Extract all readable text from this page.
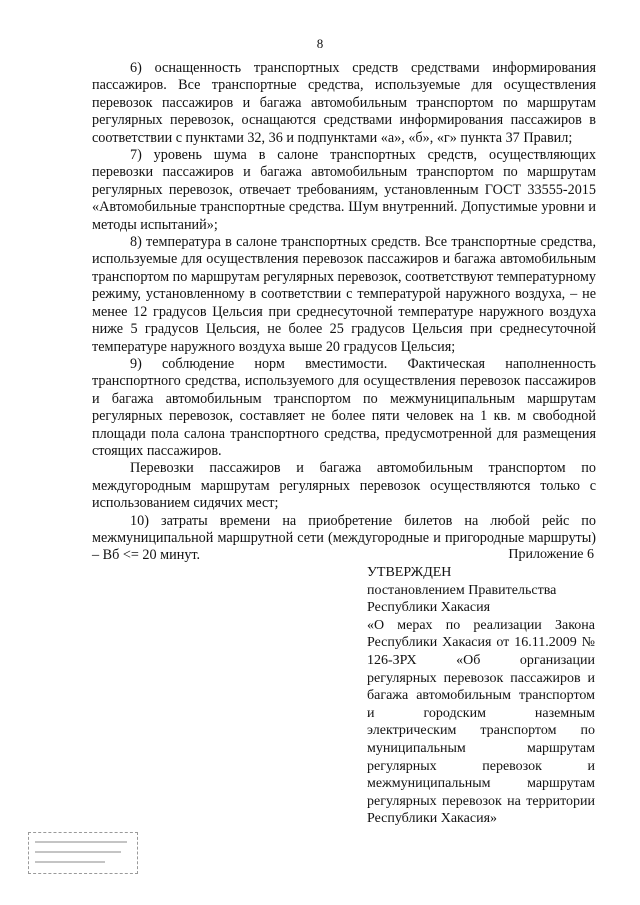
8

6) оснащенность транспортных средств средствами информирования пассажиров. Все транспортные средства, используемые для осуществления перевозок пассажиров и багажа автомобильным транспортом по маршрутам регулярных перевозок, оснащаются средствами информирования пассажиров в соответствии с пунктами 32, 36 и подпунктами «а», «б», «г» пункта 37 Правил;

7) уровень шума в салоне транспортных средств, осуществляющих перевозки пассажиров и багажа автомобильным транспортом по маршрутам регулярных перевозок, отвечает требованиям, установленным ГОСТ 33555-2015 «Автомобильные транспортные средства. Шум внутренний. Допустимые уровни и методы испытаний»;

8) температура в салоне транспортных средств. Все транспортные средства, используемые для осуществления перевозок пассажиров и багажа автомобильным транспортом по маршрутам регулярных перевозок, соответствуют температурному режиму, установленному в соответствии с температурой наружного воздуха, – не менее 12 градусов Цельсия при среднесуточной температуре наружного воздуха ниже 5 градусов Цельсия, не более 25 градусов Цельсия при среднесуточной температуре наружного воздуха выше 20 градусов Цельсия;

9) соблюдение норм вместимости. Фактическая наполненность транспортного средства, используемого для осуществления перевозок пассажиров и багажа автомобильным транспортом по межмуниципальным маршрутам регулярных перевозок, составляет не более пяти человек на 1 кв. м свободной площади пола салона транспортного средства, предусмотренной для размещения стоящих пассажиров.

Перевозки пассажиров и багажа автомобильным транспортом по междугородным маршрутам регулярных перевозок осуществляются только с использованием сидячих мест;

10) затраты времени на приобретение билетов на любой рейс по межмуниципальной маршрутной сети (междугородные и пригородные маршруты) – Вб <= 20 минут.	Приложение 6

УТВЕРЖДЕН

постановлением Правительства Республики Хакасия

«О мерах по реализации Закона Республики Хакасия от 16.11.2009 № 126-ЗРХ «Об организации регулярных перевозок пассажиров и багажа автомобильным транспортом и городским наземным электрическим транспортом по муниципальным маршрутам регулярных перевозок и межмуниципальным маршрутам регулярных перевозок на территории Республики Хакасия»
